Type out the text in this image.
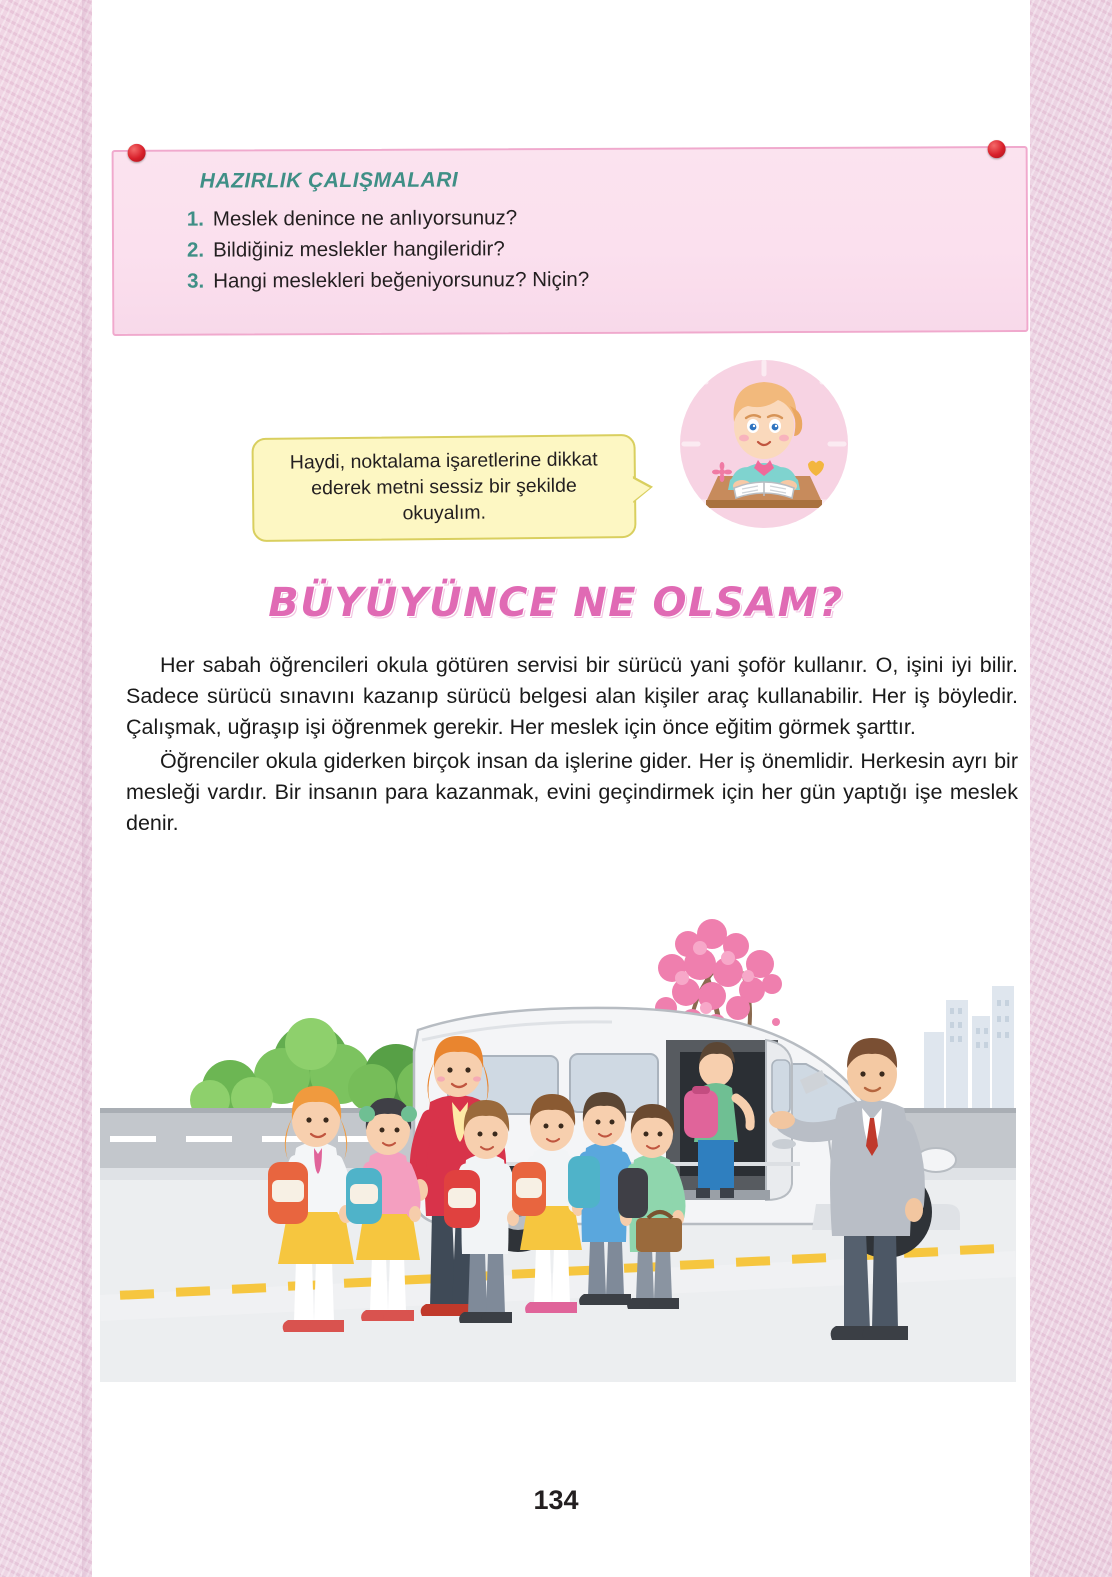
HAZIRLIK ÇALIŞMALARI
1. Meslek denince ne anlıyorsunuz?
2. Bildiğiniz meslekler hangileridir?
3. Hangi meslekleri beğeniyorsunuz? Niçin?
Haydi, noktalama işaretlerine dikkat ederek metni sessiz bir şekilde okuyalım.
BÜYÜYÜNCE NE OLSAM?

Her sabah öğrencileri okula götüren servisi bir sürücü yani şoför kullanır. O, işini iyi bilir. Sadece sürücü sınavını kazanıp sürücü belgesi alan kişiler araç kullanabilir. Her iş böyledir. Çalışmak, uğraşıp işi öğrenmek gerekir. Her meslek için önce eğitim görmek şarttır.

Öğrenciler okula giderken birçok insan da işlerine gider. Her iş önemlidir. Herkesin ayrı bir mesleği vardır. Bir insanın para kazanmak, evini geçindirmek için her gün yaptığı işe meslek denir.

134
